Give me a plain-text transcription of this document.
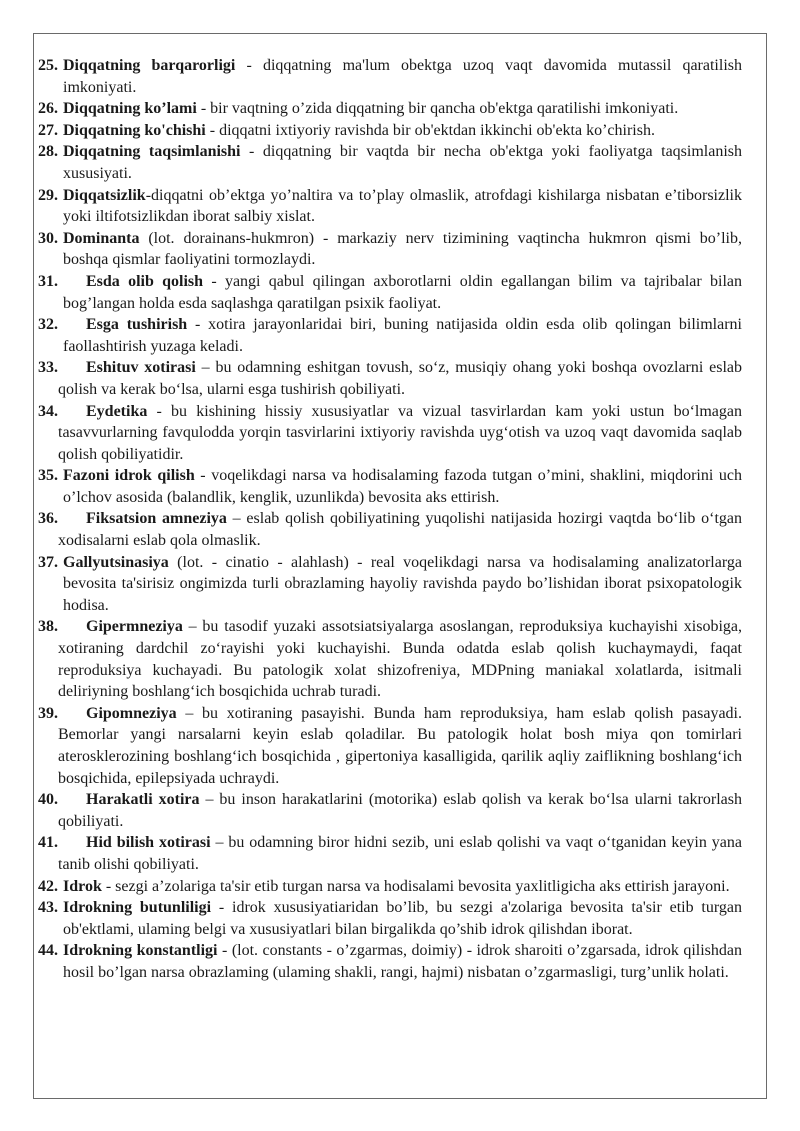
25. Diqqatning barqarorligi - diqqatning ma'lum obektga uzoq vaqt davomida mutassil qaratilish imkoniyati.
26. Diqqatning ko’lami - bir vaqtning o’zida diqqatning bir qancha ob'ektga qaratilishi imkoniyati.
27. Diqqatning ko'chishi - diqqatni ixtiyoriy ravishda bir ob'ektdan ikkinchi ob'ekta ko’chirish.
28. Diqqatning taqsimlanishi - diqqatning bir vaqtda bir necha ob'ektga yoki faoliyatga taqsimlanish xususiyati.
29. Diqqatsizlik-diqqatni ob’ektga yo’naltira va to’play olmaslik, atrofdagi kishilarga nisbatan e’tiborsizlik yoki iltifotsizlikdan iborat salbiy xislat.
30. Dominanta (lot. dorainans-hukmron) - markaziy nerv tizimining vaqtincha hukmron qismi bo’lib, boshqa qismlar faoliyatini tormozlaydi.
31. Esda olib qolish - yangi qabul qilingan axborotlarni oldin egallangan bilim va tajribalar bilan bog’langan holda esda saqlashga qaratilgan psixik faoliyat.
32. Esga tushirish - xotira jarayonlaridai biri, buning natijasida oldin esda olib qolingan bilimlarni faollashtirish yuzaga keladi.
33. Eshituv xotirasi – bu odamning eshitgan tovush, so‘z, musiqiy ohang yoki boshqa ovozlarni eslab qolish va kerak bo‘lsa, ularni esga tushirish qobiliyati.
34. Eydetika - bu kishining hissiy xususiyatlar va vizual tasvirlardan kam yoki ustun bo‘lmagan tasavvurlarning favqulodda yorqin tasvirlarini ixtiyoriy ravishda uyg‘otish va uzoq vaqt davomida saqlab qolish qobiliyatidir.
35. Fazoni idrok qilish - voqelikdagi narsa va hodisalaming fazoda tutgan o’mini, shaklini, miqdorini uch o’lchov asosida (balandlik, kenglik, uzunlikda) bevosita aks ettirish.
36. Fiksatsion amneziya – eslab qolish qobiliyatining yuqolishi natijasida hozirgi vaqtda bo‘lib o‘tgan xodisalarni eslab qola olmaslik.
37. Gallyutsinasiya (lot. - cinatio - alahlash) - real voqelikdagi narsa va hodisalaming analizatorlarga bevosita ta'sirisiz ongimizda turli obrazlaming hayoliy ravishda paydo bo’lishidan iborat psixopatologik hodisa.
38. Gipermneziya – bu tasodif yuzaki assotsiatsiyalarga asoslangan, reproduksiya kuchayishi xisobiga, xotiraning dardchil zo‘rayishi yoki kuchayishi. Bunda odatda eslab qolish kuchaymaydi, faqat reproduksiya kuchayadi. Bu patologik xolat shizofreniya, MDPning maniakal xolatlarda, isitmali deliriyning boshlang‘ich bosqichida uchrab turadi.
39. Gipomneziya – bu xotiraning pasayishi. Bunda ham reproduksiya, ham eslab qolish pasayadi. Bemorlar yangi narsalarni keyin eslab qoladilar. Bu patologik holat bosh miya qon tomirlari aterosklerozining boshlang‘ich bosqichida , gipertoniya kasalligida, qarilik aqliy zaiflikning boshlang‘ich bosqichida, epilepsiyada uchraydi.
40. Harakatli xotira – bu inson harakatlarini (motorika) eslab qolish va kerak bo‘lsa ularni takrorlash qobiliyati.
41. Hid bilish xotirasi – bu odamning biror hidni sezib, uni eslab qolishi va vaqt o‘tganidan keyin yana tanib olishi qobiliyati.
42. Idrok - sezgi a’zolariga ta'sir etib turgan narsa va hodisalami bevosita yaxlitligicha aks ettirish jarayoni.
43. Idrokning butunliligi - idrok xususiyatiaridan bo’lib, bu sezgi a'zolariga bevosita ta'sir etib turgan ob'ektlami, ulaming belgi va xususiyatlari bilan birgalikda qo’shib idrok qilishdan iborat.
44. Idrokning konstantligi - (lot. constants - o’zgarmas, doimiy) - idrok sharoiti o’zgarsada, idrok qilishdan hosil bo’lgan narsa obrazlaming (ulaming shakli, rangi, hajmi) nisbatan o’zgarmasligi, turg’unlik holati.
